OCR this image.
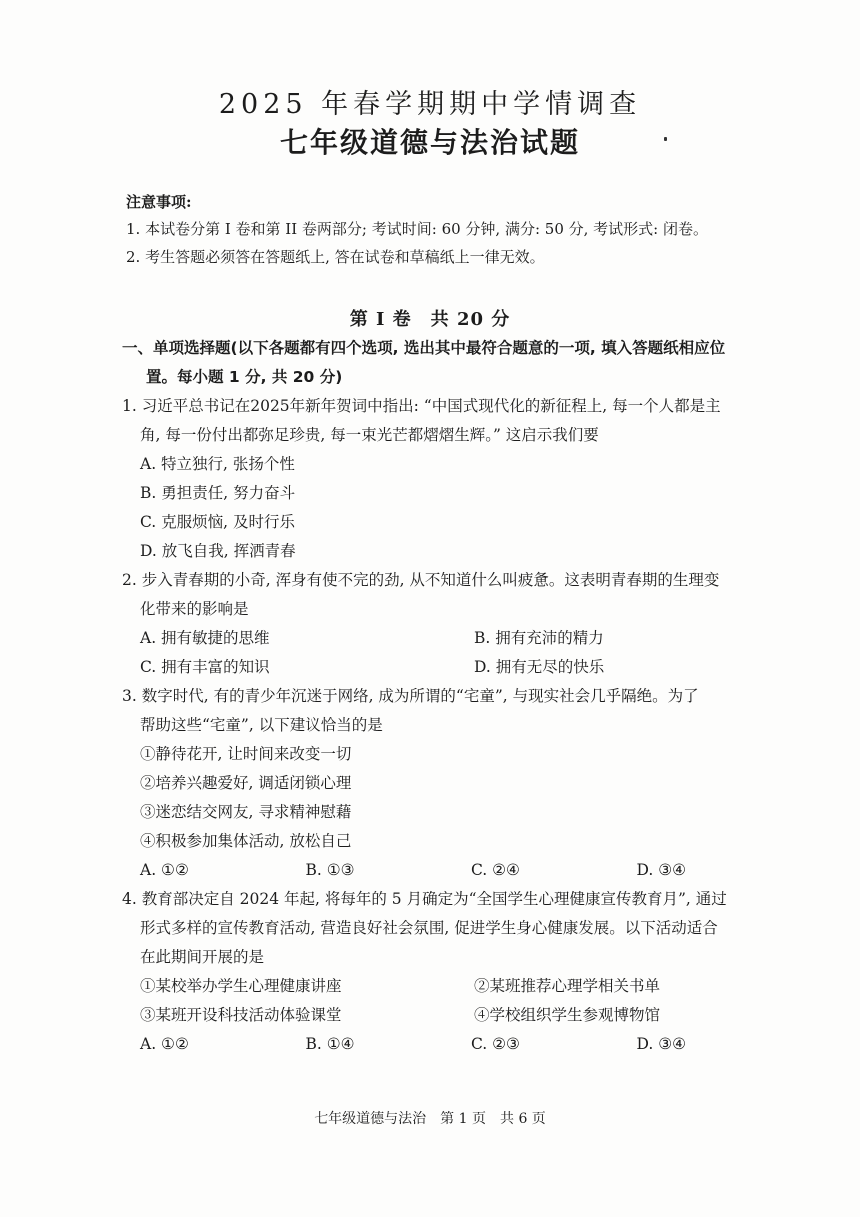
2025 年春学期期中学情调查
七年级道德与法治试题
注意事项:
1. 本试卷分第 I 卷和第 II 卷两部分; 考试时间: 60 分钟, 满分: 50 分, 考试形式: 闭卷。
2. 考生答题必须答在答题纸上, 答在试卷和草稿纸上一律无效。
第 I 卷　共 20 分
一、单项选择题(以下各题都有四个选项, 选出其中最符合题意的一项, 填入答题纸相应位
置。每小题 1 分, 共 20 分)
1. 习近平总书记在2025年新年贺词中指出: “中国式现代化的新征程上, 每一个人都是主
角, 每一份付出都弥足珍贵, 每一束光芒都熠熠生辉。” 这启示我们要
A. 特立独行, 张扬个性
B. 勇担责任, 努力奋斗
C. 克服烦恼, 及时行乐
D. 放飞自我, 挥洒青春
2. 步入青春期的小奇, 浑身有使不完的劲, 从不知道什么叫疲惫。这表明青春期的生理变
化带来的影响是
A. 拥有敏捷的思维	B. 拥有充沛的精力
C. 拥有丰富的知识	D. 拥有无尽的快乐
3. 数字时代, 有的青少年沉迷于网络, 成为所谓的“宅童”, 与现实社会几乎隔绝。为了
帮助这些“宅童”, 以下建议恰当的是
①静待花开, 让时间来改变一切
②培养兴趣爱好, 调适闭锁心理
③迷恋结交网友, 寻求精神慰藉
④积极参加集体活动, 放松自己
A. ①②	B. ①③	C. ②④	D. ③④
4. 教育部决定自 2024 年起, 将每年的 5 月确定为“全国学生心理健康宣传教育月”, 通过
形式多样的宣传教育活动, 营造良好社会氛围, 促进学生身心健康发展。以下活动适合
在此期间开展的是
①某校举办学生心理健康讲座	②某班推荐心理学相关书单
③某班开设科技活动体验课堂	④学校组织学生参观博物馆
A. ①②	B. ①④	C. ②③	D. ③④
七年级道德与法治　第 1 页　共 6 页
